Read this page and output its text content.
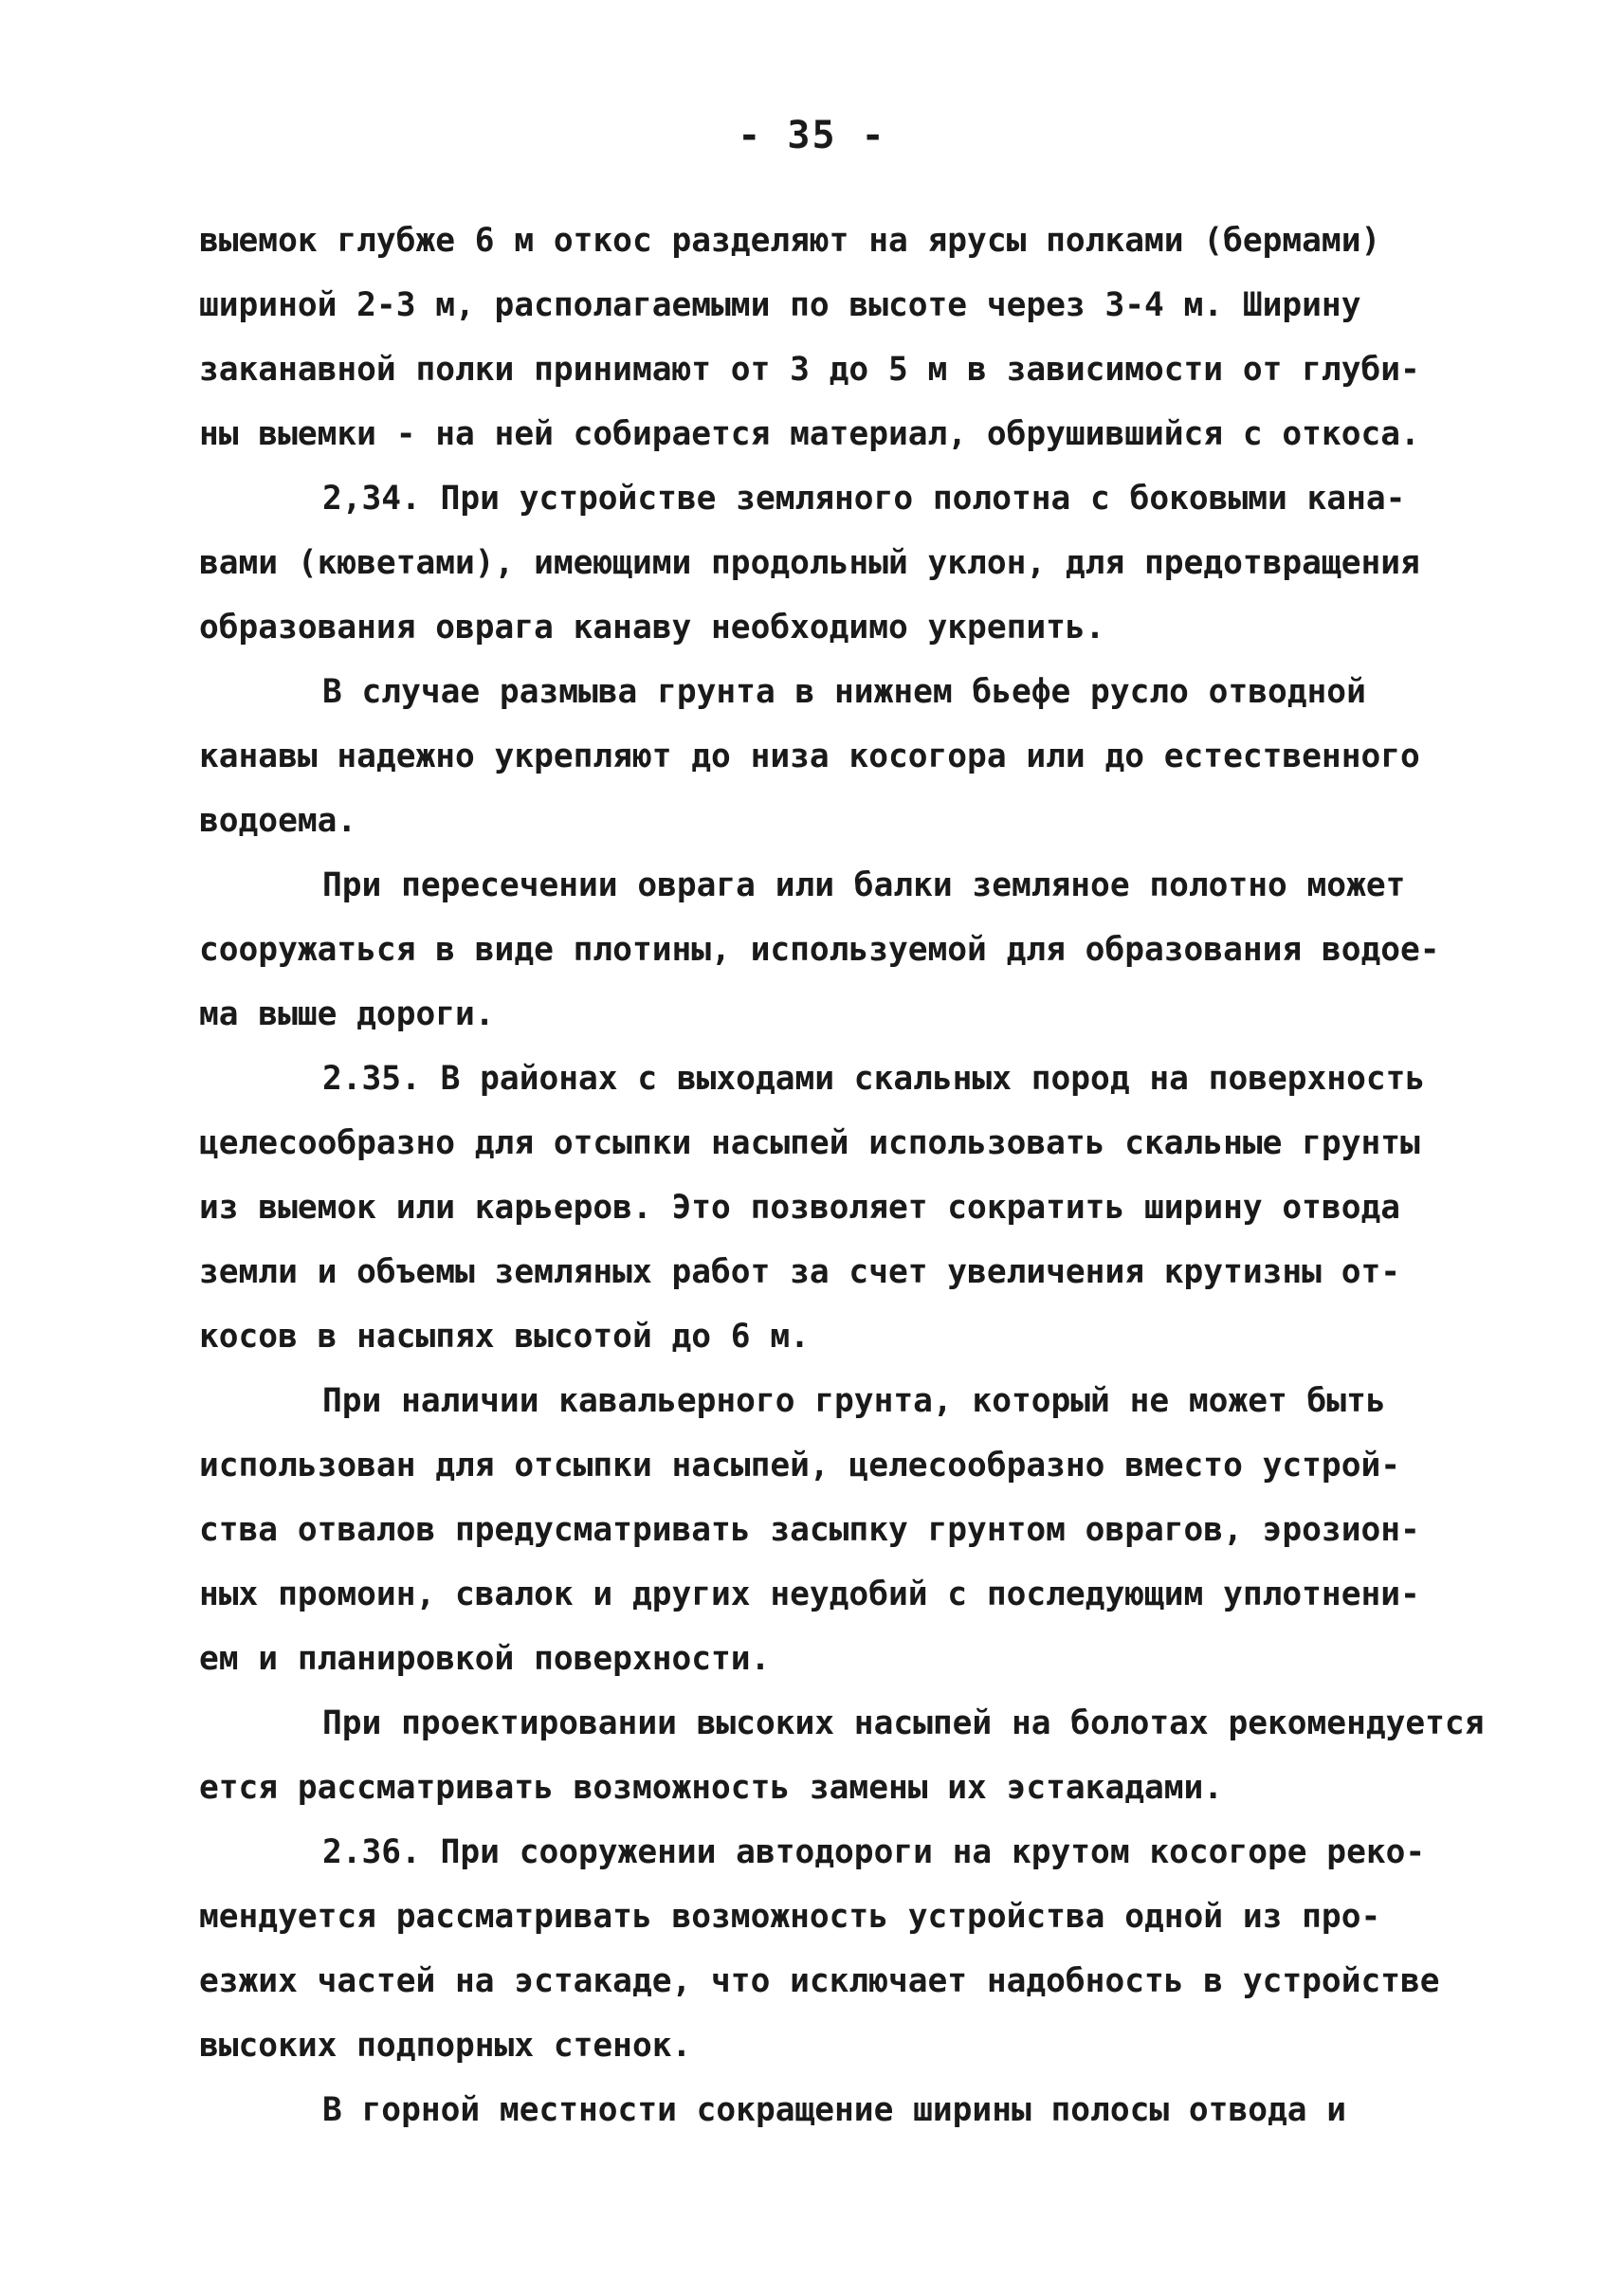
- 35 -
выемок глубже 6 м откос разделяют на ярусы полками (бермами)
шириной 2-3 м, располагаемыми по высоте через 3-4 м. Ширину
заканавной полки принимают от 3 до 5 м в зависимости от глуби-
ны выемки - на ней собирается материал, обрушившийся с откоса.
2,34. При устройстве земляного полотна с боковыми кана-
вами (кюветами), имеющими продольный уклон, для предотвращения
образования оврага канаву необходимо укрепить.
В случае размыва грунта в нижнем бьефе русло отводной
канавы надежно укрепляют до низа косогора или до естественного
водоема.
При пересечении оврага или балки земляное полотно может
сооружаться в виде плотины, используемой для образования водое-
ма выше дороги.
2.35. В районах с выходами скальных пород на поверхность
целесообразно для отсыпки насыпей использовать скальные грунты
из выемок или карьеров. Это позволяет сократить ширину отвода
земли и объемы земляных работ за счет увеличения крутизны от-
косов в насыпях высотой до 6 м.
При наличии кавальерного грунта, который не может быть
использован для отсыпки насыпей, целесообразно вместо устрой-
ства отвалов предусматривать засыпку грунтом оврагов, эрозион-
ных промоин, свалок и других неудобий с последующим уплотнени-
ем и планировкой поверхности.
При проектировании высоких насыпей на болотах рекомендуется
ется рассматривать возможность замены их эстакадами.
2.36. При сооружении автодороги на крутом косогоре реко-
мендуется рассматривать возможность устройства одной из про-
езжих частей на эстакаде, что исключает надобность в устройстве
высоких подпорных стенок.
В горной местности сокращение ширины полосы отвода и
